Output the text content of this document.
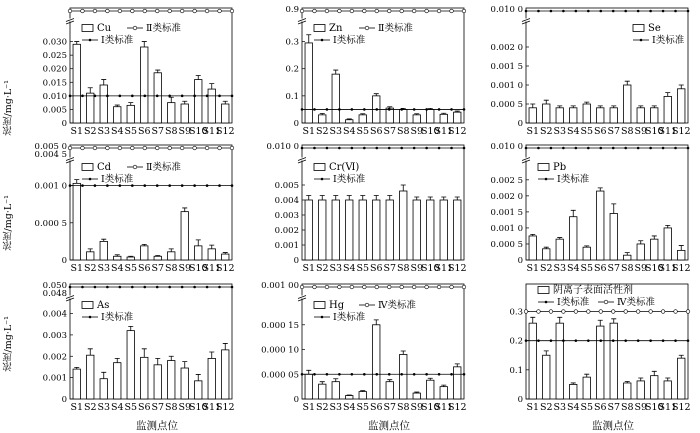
0
0.005
0.010
0.015
0.020
0.025
0.030
S1 S2 S3 S4 S5 S6 S7 S8 S9
S10
S11
S12
Cu	Ⅱ类标准
Ⅰ类标准
0
0.1
0.2
0.3
0.9
S1 S2 S3 S4 S5 S6 S7 S8 S9
S10
S11
S12
Zn	Ⅱ类标准
Ⅰ类标准
0
0.000 5
0.001 0
0.001 5
0.002 0
0.010 0
S1 S2 S3 S4 S5 S6 S7 S8 S9
S10
S11
S12
Se
Ⅰ类标准
0
0.000 5
0.001 0
0.005 0
0.004 5
S1 S2 S3 S4 S5 S6 S7 S8 S9
S10
S11
S12
Cd	Ⅱ类标准
Ⅰ类标准
0
0.001
0.002
0.003
0.004
0.005
0.010 0
S1 S2 S3 S4 S5 S6 S7 S8 S9
S10
S11
S12
Cr(Ⅵ)
Ⅰ类标准
0
0.000 5
0.001 0
0.001 5
0.002 0
0.002 5
0.010 0
S1 S2 S3 S4 S5 S6 S7 S8 S9
S10
S11
S12
Pb
Ⅰ类标准
0
0.001
0.002
0.003
0.004
0.050
0.048
S1 S2 S3 S4 S5 S6 S7 S8 S9
S10
S11
S12
As
Ⅰ类标准
0
0.000 05
0.000 10
0.000 15
0.001 00
S1 S2 S3 S4 S5 S6 S7 S8 S9
S10
S11
S12
Hg	Ⅳ类标准
Ⅰ类标准
0
0.1
0.2
0.3
S1 S2 S3 S4 S5 S6 S7 S8 S9
S10
S11
S12
阴离子表面活性剂
Ⅰ类标准	Ⅳ类标准
浓度/mg·L⁻¹
浓度/mg·L⁻¹
浓度/mg·L⁻¹
监测点位	监测点位	监测点位
